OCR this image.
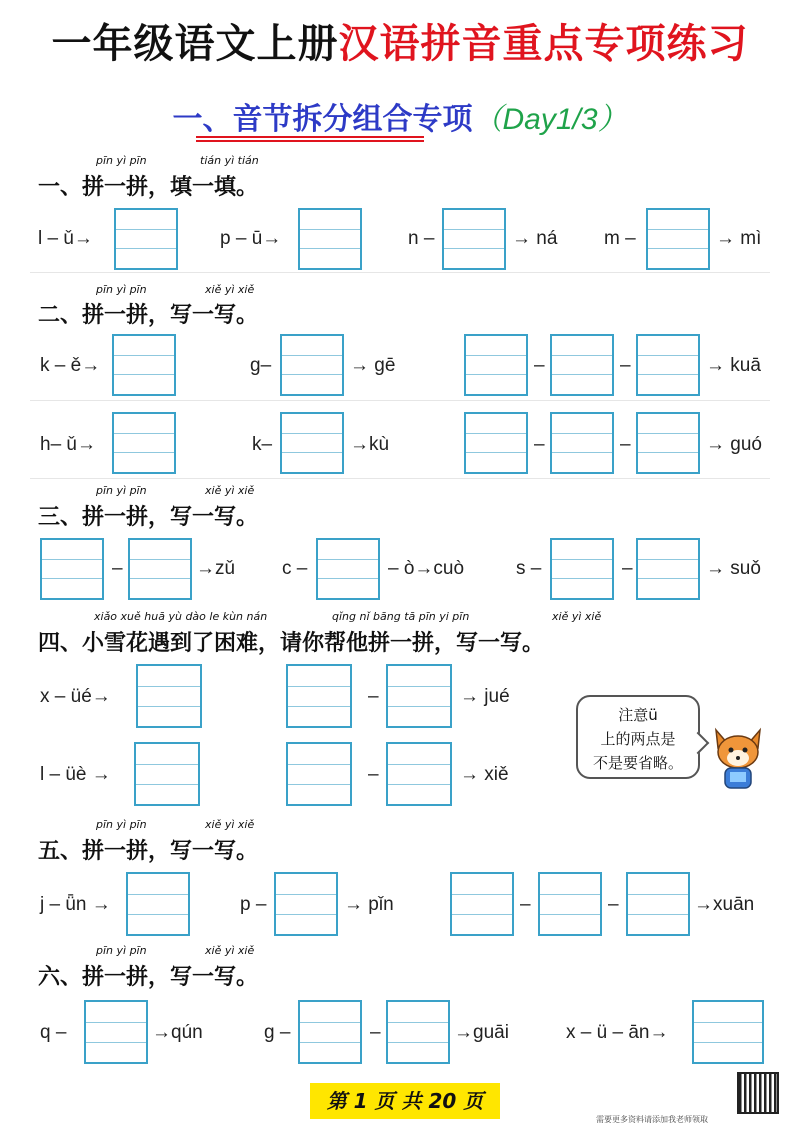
一年级语文上册汉语拼音重点专项练习
一、音节拆分组合专项（Day1/3）
pīn yì pīn	tián yì tián
一、拼一拼，填一填。
l – ǔ→	p – ū→	n –	→ ná m –	→ mì
pīn yì pīn	xiě yì xiě
二、拼一拼，写一写。
k – ě→	g–	→ gē	–	–	→ kuā
h– ǔ→	k–	→kù	–	–	→ guó
pīn yì pīn	xiě yì xiě
三、拼一拼，写一写。
–	→zǔ c –	– ò→cuò	s –	–	→ suǒ
xiǎo xuě huā yù dào le kùn nán	qǐng nǐ bāng tā pīn yi pīn	xiě yì xiě
四、小雪花遇到了困难，请你帮他拼一拼，写一写。
x – üé→	–	→ jué
l – üè →	–	→ xiě
注意ü
上的两点是
不是要省略。
pīn yì pīn	xiě yì xiě
五、拼一拼，写一写。
j – ǖn →	p –	→ pǐn	–	–	→xuān
pīn yì pīn	xiě yì xiě
六、拼一拼，写一写。
q –	→qún	g –	–	→guāi	x – ü – ān→
第 1 页 共 20 页
需要更多资料请添加我老师领取
